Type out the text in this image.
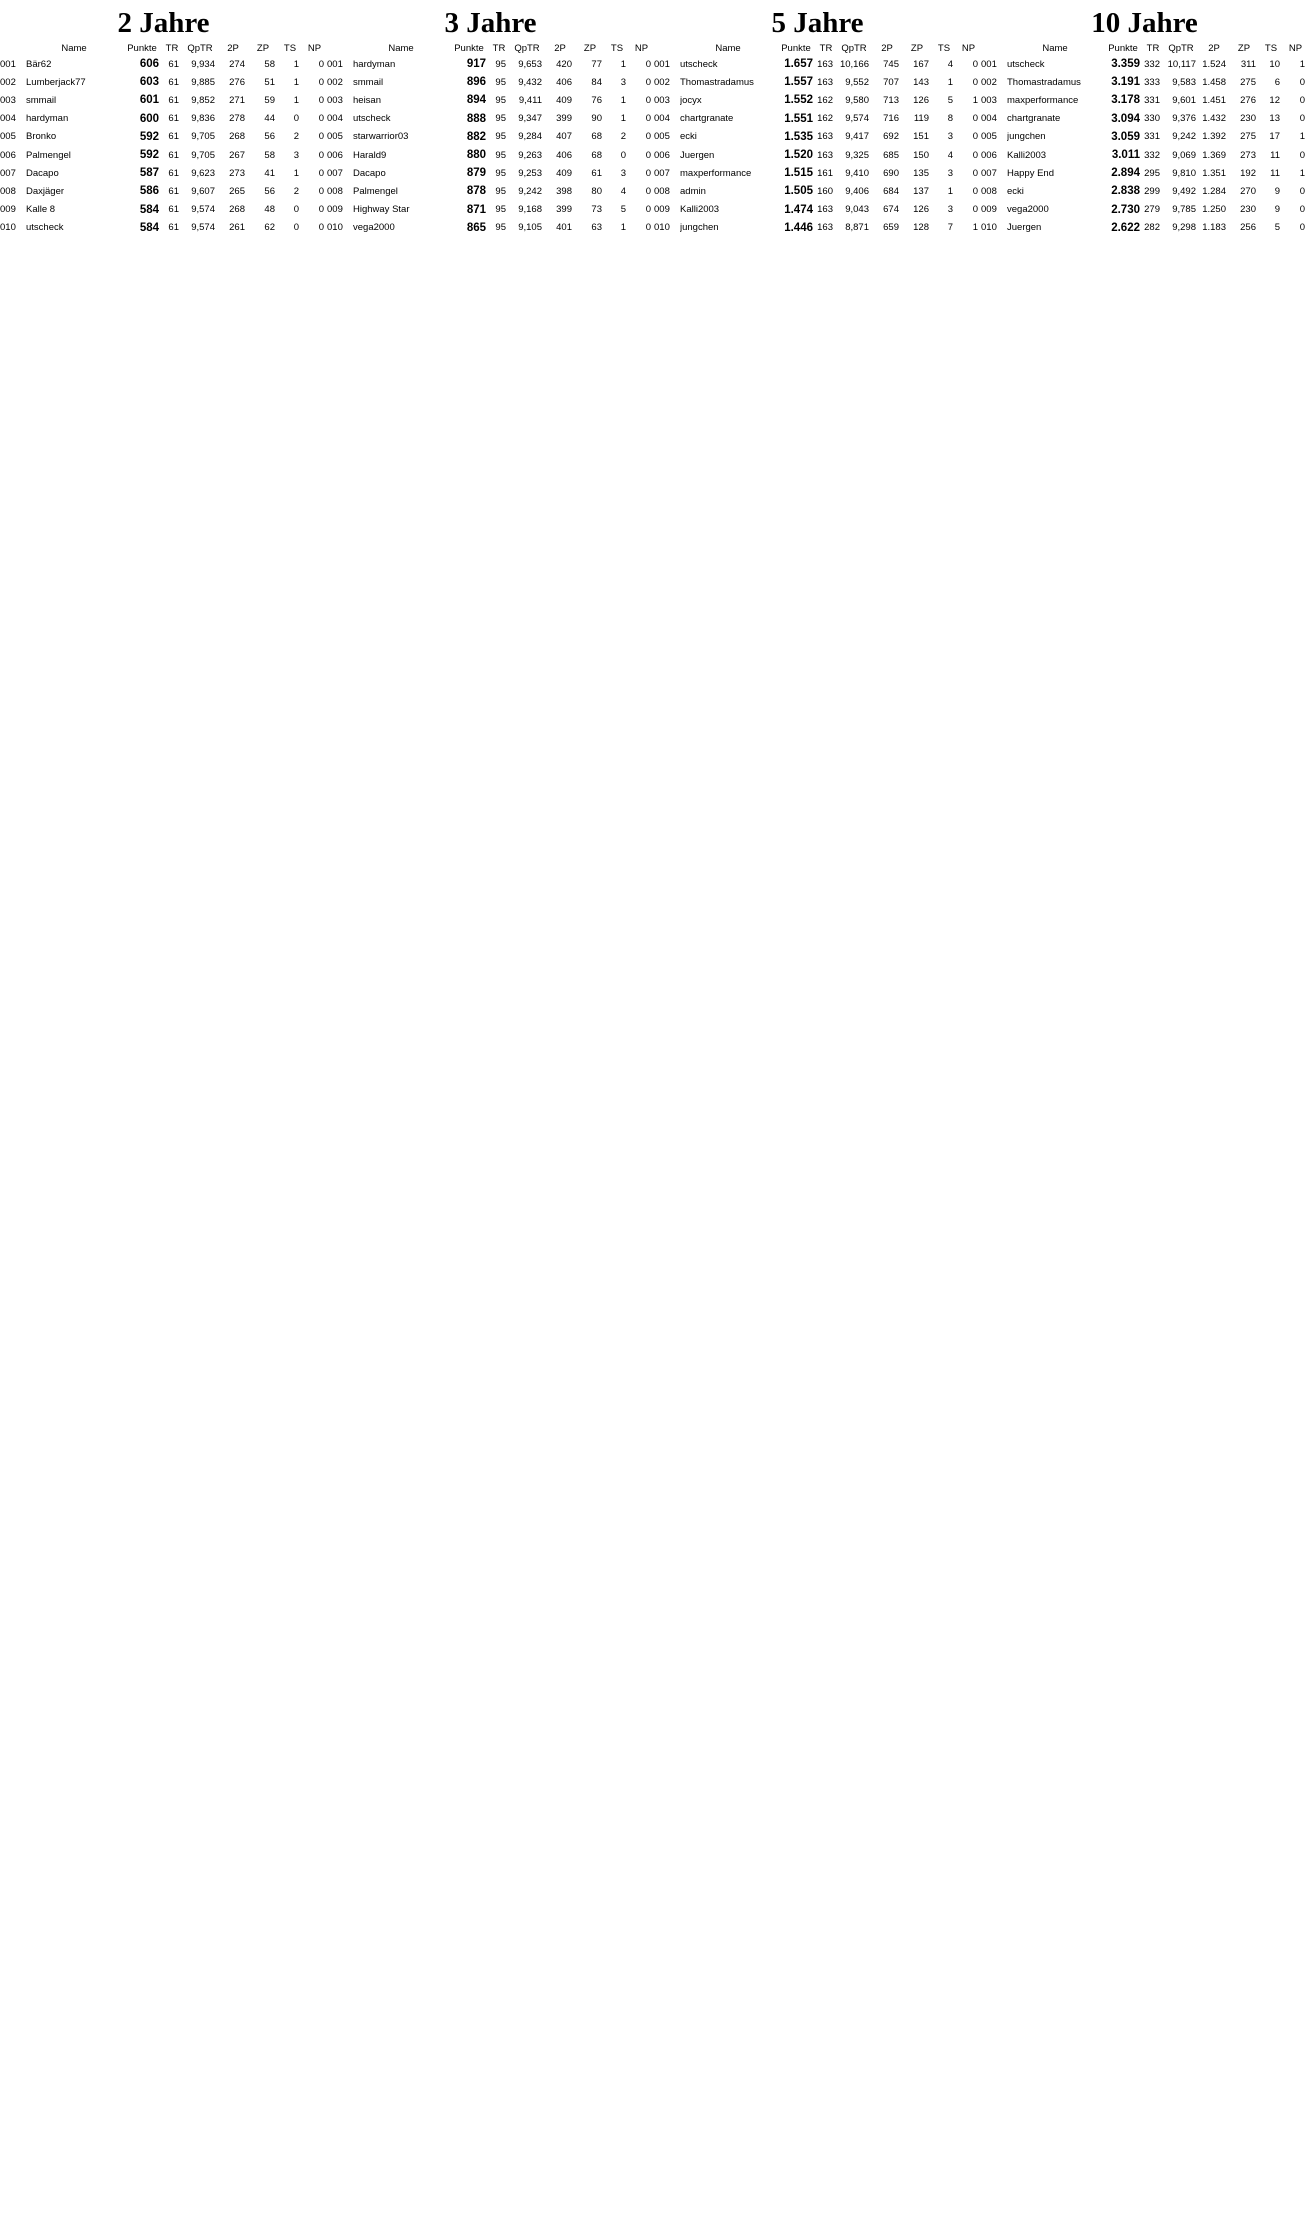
2 Jahre
	Name	Punkte	TR	QpTR	2P	ZP	TS	NP
001	Bär62	606	61	9,934	274	58	1	0
002	Lumberjack77	603	61	9,885	276	51	1	0
003	smmail	601	61	9,852	271	59	1	0
004	hardyman	600	61	9,836	278	44	0	0
005	Bronko	592	61	9,705	268	56	2	0
006	Palmengel	592	61	9,705	267	58	3	0
007	Dacapo	587	61	9,623	273	41	1	0
008	Daxjäger	586	61	9,607	265	56	2	0
009	Kalle 8	584	61	9,574	268	48	0	0
010	utscheck	584	61	9,574	261	62	0	0
3 Jahre
	Name	Punkte	TR	QpTR	2P	ZP	TS	NP
001	hardyman	917	95	9,653	420	77	1	0
002	smmail	896	95	9,432	406	84	3	0
003	heisan	894	95	9,411	409	76	1	0
004	utscheck	888	95	9,347	399	90	1	0
005	starwarrior03	882	95	9,284	407	68	2	0
006	Harald9	880	95	9,263	406	68	0	0
007	Dacapo	879	95	9,253	409	61	3	0
008	Palmengel	878	95	9,242	398	80	4	0
009	Highway Star	871	95	9,168	399	73	5	0
010	vega2000	865	95	9,105	401	63	1	0
5 Jahre
	Name	Punkte	TR	QpTR	2P	ZP	TS	NP
001	utscheck	1.657	163	10,166	745	167	4	0
002	Thomastradamus	1.557	163	9,552	707	143	1	0
003	jocyx	1.552	162	9,580	713	126	5	1
004	chartgranate	1.551	162	9,574	716	119	8	0
005	ecki	1.535	163	9,417	692	151	3	0
006	Juergen	1.520	163	9,325	685	150	4	0
007	maxperformance	1.515	161	9,410	690	135	3	0
008	admin	1.505	160	9,406	684	137	1	0
009	Kalli2003	1.474	163	9,043	674	126	3	0
010	jungchen	1.446	163	8,871	659	128	7	1
10 Jahre
	Name	Punkte	TR	QpTR	2P	ZP	TS	NP
001	utscheck	3.359	332	10,117	1.524	311	10	1
002	Thomastradamus	3.191	333	9,583	1.458	275	6	0
003	maxperformance	3.178	331	9,601	1.451	276	12	0
004	chartgranate	3.094	330	9,376	1.432	230	13	0
005	jungchen	3.059	331	9,242	1.392	275	17	1
006	Kalli2003	3.011	332	9,069	1.369	273	11	0
007	Happy End	2.894	295	9,810	1.351	192	11	1
008	ecki	2.838	299	9,492	1.284	270	9	0
009	vega2000	2.730	279	9,785	1.250	230	9	0
010	Juergen	2.622	282	9,298	1.183	256	5	0
